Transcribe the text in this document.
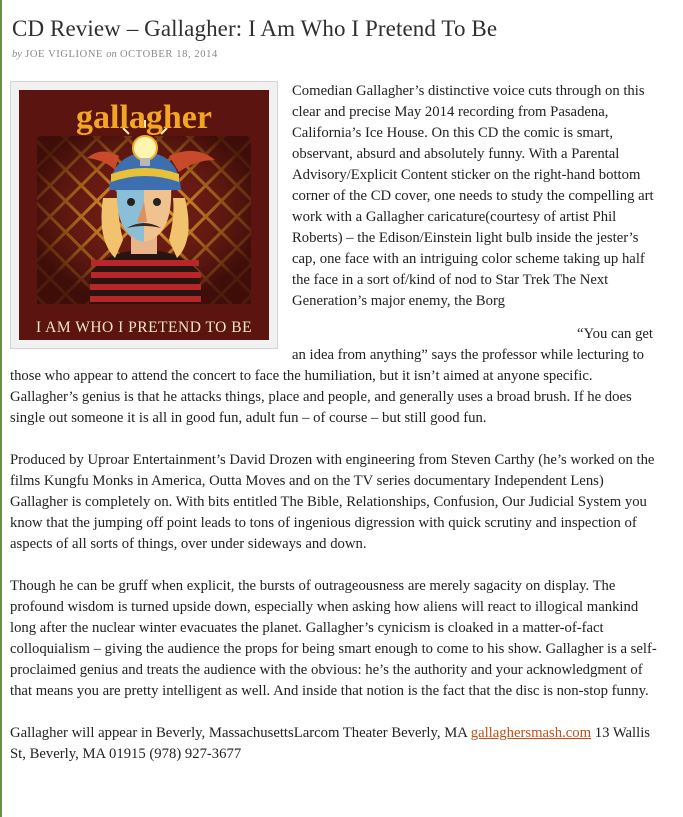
CD Review – Gallagher: I Am Who I Pretend To Be
by JOE VIGLIONE on OCTOBER 18, 2014
gallagher
I AM WHO I PRETEND TO BE

Comedian Gallagher’s distinctive voice cuts through on this clear and precise May 2014 recording from Pasadena, California’s Ice House. On this CD the comic is smart, observant, absurd and absolutely funny. With a Parental Advisory/Explicit Content sticker on the right-hand bottom corner of the CD cover, one needs to study the compelling art work with a Gallagher caricature(courtesy of artist Phil Roberts) – the Edison/Einstein light bulb inside the jester’s cap, one face with an intriguing color scheme taking up half the face in a sort of/kind of nod to Star Trek The Next Generation’s major enemy, the Borg

“You can get an idea from anything” says the professor while lecturing to those who appear to attend the concert to face the humiliation, but it isn’t aimed at anyone specific. Gallagher’s genius is that he attacks things, place and people, and generally uses a broad brush. If he does single out someone it is all in good fun, adult fun – of course – but still good fun.

Produced by Uproar Entertainment’s David Drozen with engineering from Steven Carthy (he’s worked on the films Kungfu Monks in America, Outta Moves and on the TV series documentary Independent Lens) Gallagher is completely on. With bits entitled The Bible, Relationships, Confusion, Our Judicial System you know that the jumping off point leads to tons of ingenious digression with quick scrutiny and inspection of aspects of all sorts of things, over under sideways and down.

Though he can be gruff when explicit, the bursts of outrageousness are merely sagacity on display. The profound wisdom is turned upside down, especially when asking how aliens will react to illogical mankind long after the nuclear winter evacuates the planet. Gallagher’s cynicism is cloaked in a matter-of-fact colloquialism – giving the audience the props for being smart enough to come to his show. Gallagher is a self-proclaimed genius and treats the audience with the obvious: he’s the authority and your acknowledgment of that means you are pretty intelligent as well. And inside that notion is the fact that the disc is non-stop funny.

Gallagher will appear in Beverly, MassachusettsLarcom Theater Beverly, MA gallaghersmash.com 13 Wallis St, Beverly, MA 01915 (978) 927-3677
